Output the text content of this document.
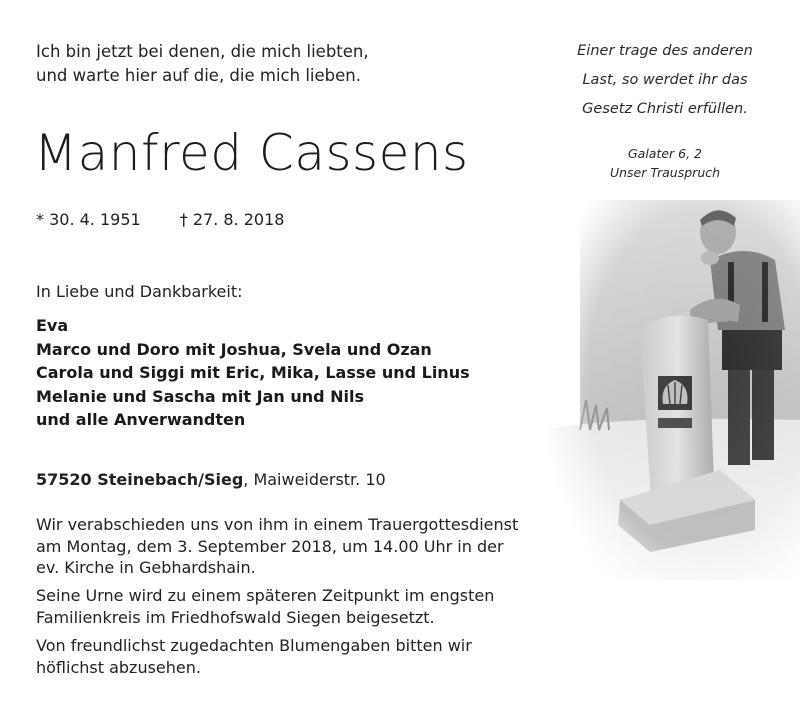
Ich bin jetzt bei denen, die mich liebten,
und warte hier auf die, die mich lieben.
Manfred Cassens
* 30. 4. 1951 † 27. 8. 2018
Einer trage des anderen
Last, so werdet ihr das
Gesetz Christi erfüllen.
Galater 6, 2
Unser Trauspruch
In Liebe und Dankbarkeit:
Eva
Marco und Doro mit Joshua, Svela und Ozan
Carola und Siggi mit Eric, Mika, Lasse und Linus
Melanie und Sascha mit Jan und Nils
und alle Anverwandten
57520 Steinebach/Sieg, Maiweiderstr. 10
Wir verabschieden uns von ihm in einem Trauergottesdienst
am Montag, dem 3. September 2018, um 14.00 Uhr in der
ev. Kirche in Gebhardshain.
Seine Urne wird zu einem späteren Zeitpunkt im engsten
Familienkreis im Friedhofswald Siegen beigesetzt.
Von freundlichst zugedachten Blumengaben bitten wir
höflichst abzusehen.
